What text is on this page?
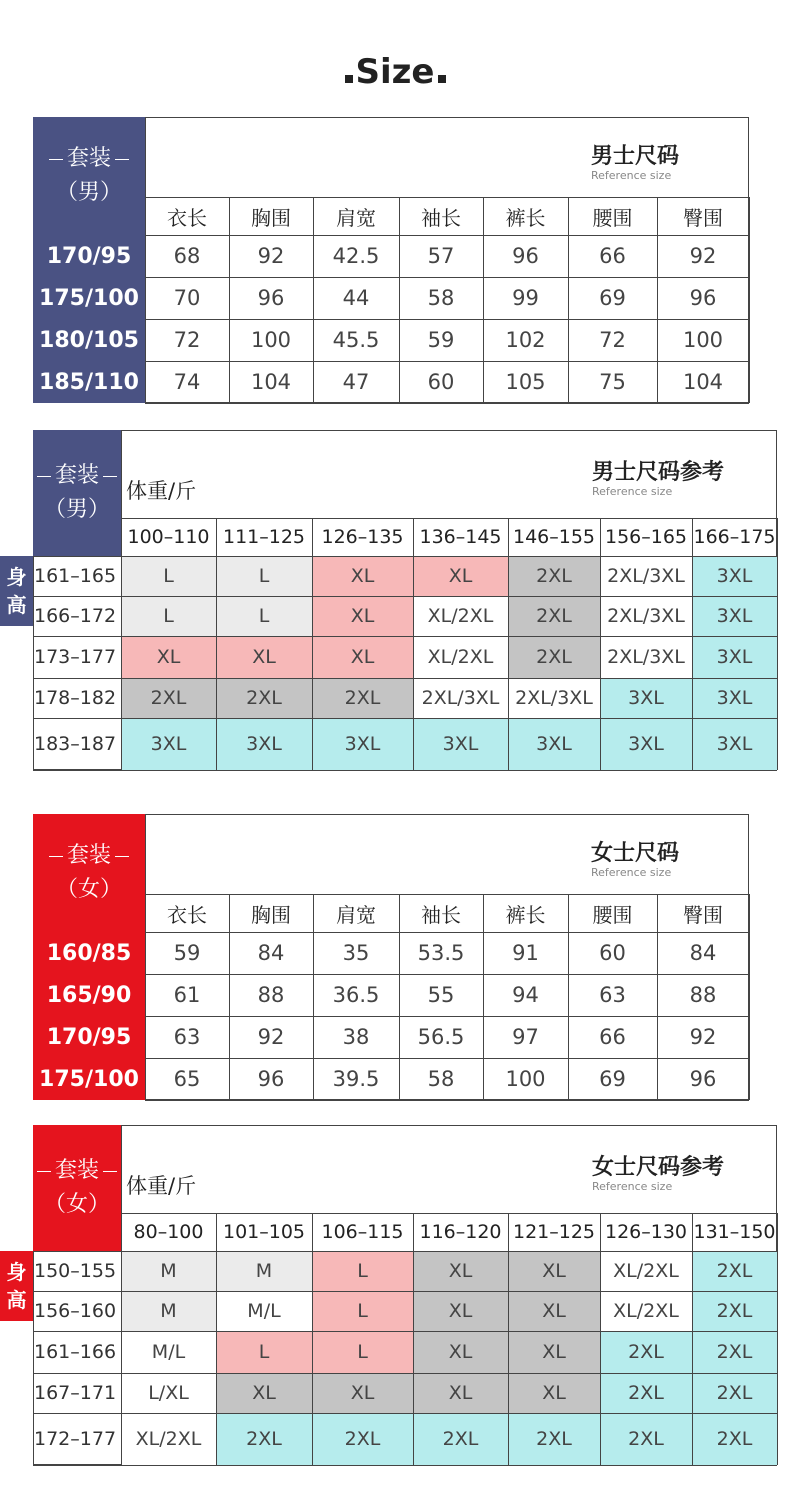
Size
套装
（男）
男士尺码
Reference size
衣长	胸围	肩宽	袖长	裤长	腰围	臀围
170/95	68	92	42.5	57	96	66	92
175/100	70	96	44	58	99	69	96
180/105	72	100	45.5	59	102	72	100
185/110	74	104	47	60	105	75	104
套装
（男）
男士尺码参考
Reference size
体重/斤
100–110 111–125 126–135 136–145 146–155 156–165 166–175
身
高
161–165	L	L	XL	XL	2XL	2XL/3XL	3XL
166–172	L	L	XL	XL/2XL	2XL	2XL/3XL	3XL
173–177	XL	XL	XL	XL/2XL	2XL	2XL/3XL	3XL
178–182	2XL	2XL	2XL	2XL/3XL 2XL/3XL	3XL	3XL
183–187	3XL	3XL	3XL	3XL	3XL	3XL	3XL
套装
（女）
女士尺码
Reference size
衣长	胸围	肩宽	袖长	裤长	腰围	臀围
160/85	59	84	35	53.5	91	60	84
165/90	61	88	36.5	55	94	63	88
170/95	63	92	38	56.5	97	66	92
175/100	65	96	39.5	58	100	69	96
套装
（女）
女士尺码参考
Reference size
体重/斤
80–100	101–105 106–115 116–120 121–125 126–130 131–150
身
高
150–155	M	M	L	XL	XL	XL/2XL	2XL
156–160	M	M/L	L	XL	XL	XL/2XL	2XL
161–166	M/L	L	L	XL	XL	2XL	2XL
167–171	L/XL	XL	XL	XL	XL	2XL	2XL
172–177	XL/2XL	2XL	2XL	2XL	2XL	2XL	2XL
